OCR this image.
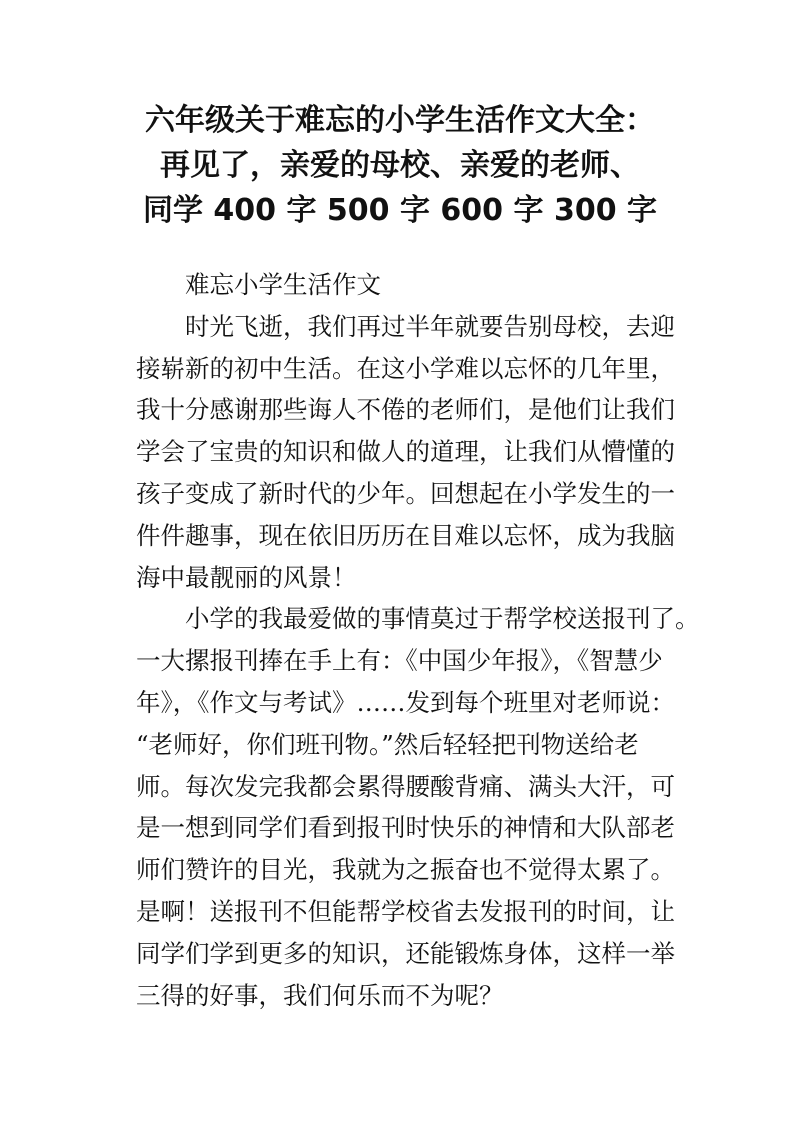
六年级关于难忘的小学生活作文大全：
再见了，亲爱的母校、亲爱的老师、
同学 400 字 500 字 600 字 300 字
难忘小学生活作文
时光飞逝，我们再过半年就要告别母校，去迎
接崭新的初中生活。在这小学难以忘怀的几年里，
我十分感谢那些诲人不倦的老师们，是他们让我们
学会了宝贵的知识和做人的道理，让我们从懵懂的
孩子变成了新时代的少年。回想起在小学发生的一
件件趣事，现在依旧历历在目难以忘怀，成为我脑
海中最靓丽的风景！
小学的我最爱做的事情莫过于帮学校送报刊了。
一大摞报刊捧在手上有：《中国少年报》，《智慧少
年》，《作文与考试》……发到每个班里对老师说：
“老师好，你们班刊物。”然后轻轻把刊物送给老
师。每次发完我都会累得腰酸背痛、满头大汗，可
是一想到同学们看到报刊时快乐的神情和大队部老
师们赞许的目光，我就为之振奋也不觉得太累了。
是啊！送报刊不但能帮学校省去发报刊的时间，让
同学们学到更多的知识，还能锻炼身体，这样一举
三得的好事，我们何乐而不为呢？
